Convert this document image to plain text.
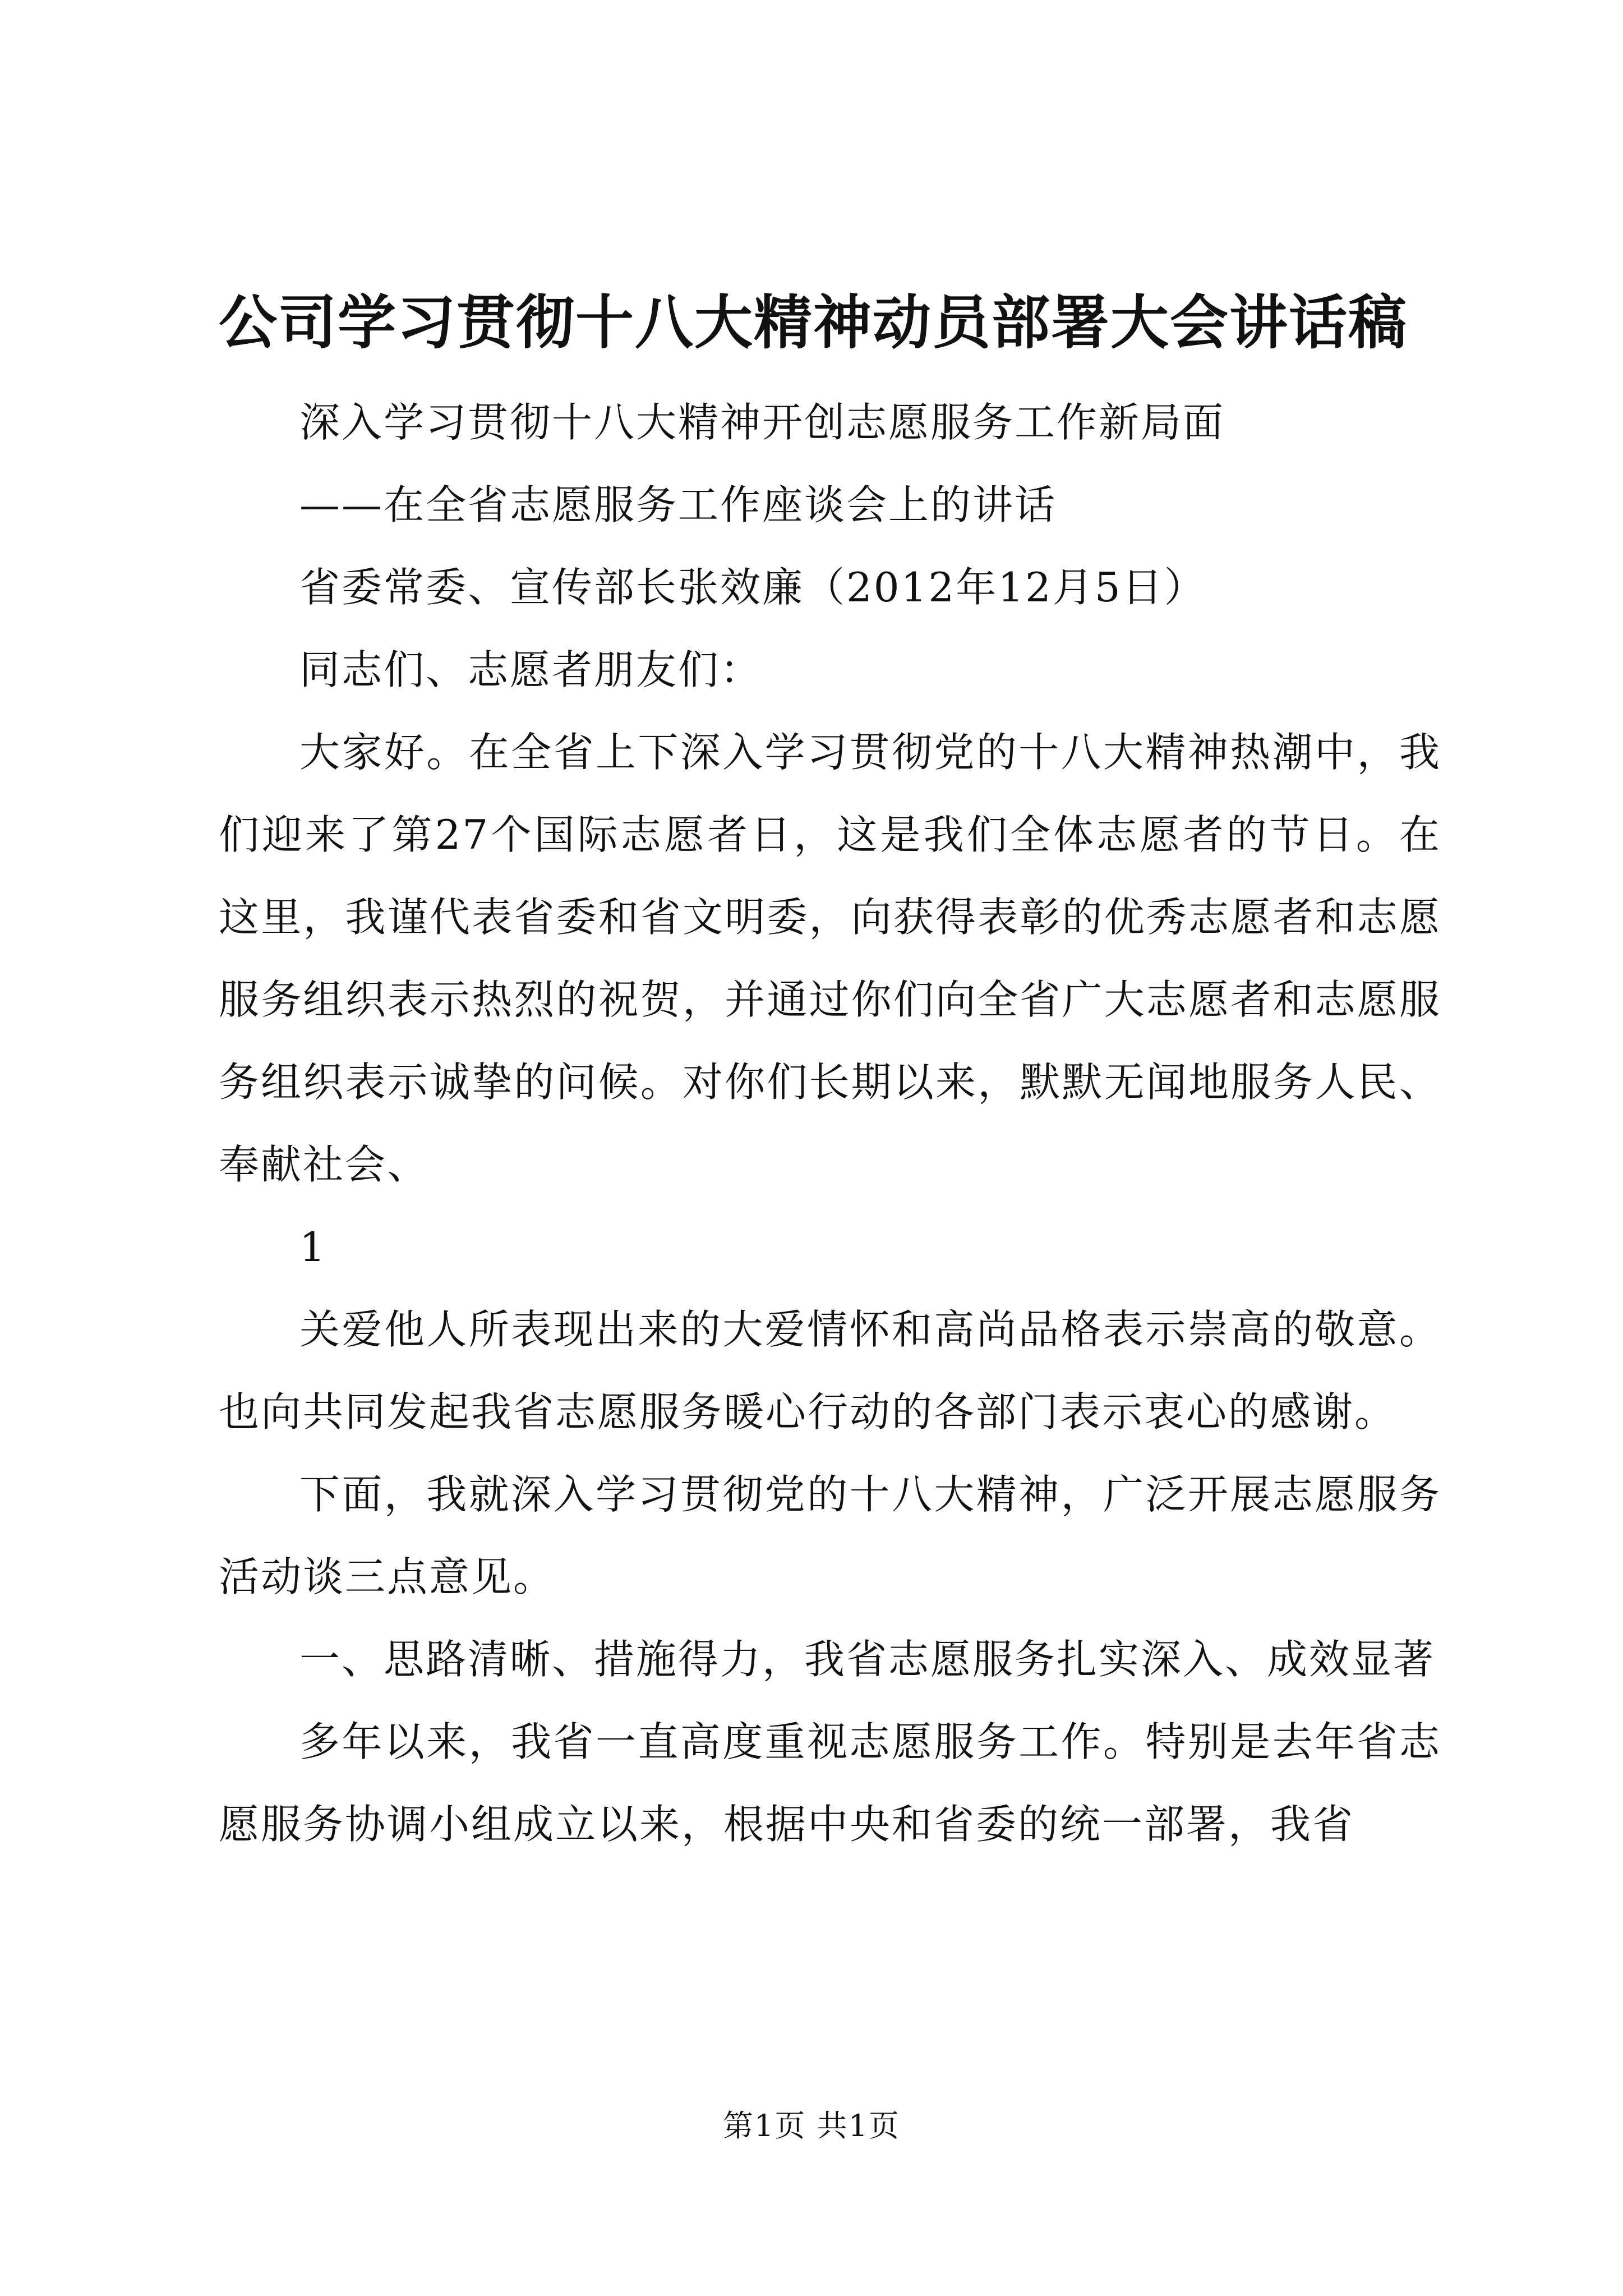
公司学习贯彻十八大精神动员部署大会讲话稿

深入学习贯彻十八大精神开创志愿服务工作新局面

——在全省志愿服务工作座谈会上的讲话

省委常委、宣传部长张效廉（2012年12月5日）

同志们、志愿者朋友们：

大家好。在全省上下深入学习贯彻党的十八大精神热潮中，我们迎来了第27个国际志愿者日，这是我们全体志愿者的节日。在这里，我谨代表省委和省文明委，向获得表彰的优秀志愿者和志愿服务组织表示热烈的祝贺，并通过你们向全省广大志愿者和志愿服务组织表示诚挚的问候。对你们长期以来，默默无闻地服务人民、奉献社会、

1

关爱他人所表现出来的大爱情怀和高尚品格表示崇高的敬意。也向共同发起我省志愿服务暖心行动的各部门表示衷心的感谢。

下面，我就深入学习贯彻党的十八大精神，广泛开展志愿服务活动谈三点意见。

一、思路清晰、措施得力，我省志愿服务扎实深入、成效显著

多年以来，我省一直高度重视志愿服务工作。特别是去年省志愿服务协调小组成立以来，根据中央和省委的统一部署，我省

第1页 共1页
